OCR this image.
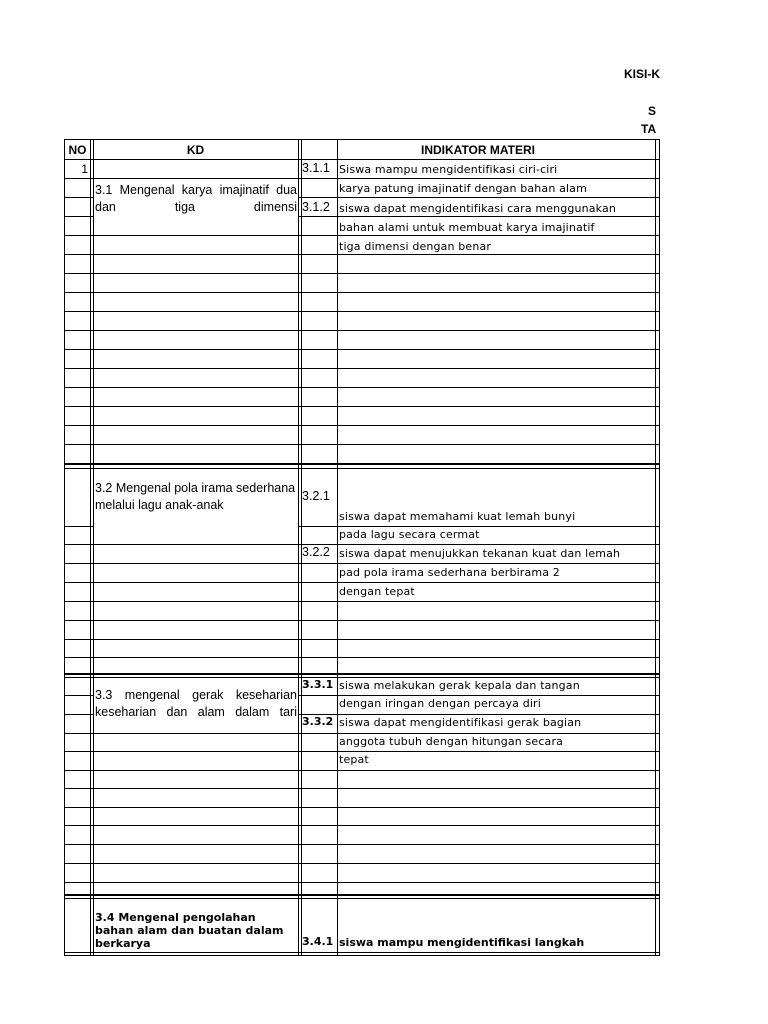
KISI-K
S
TA
NO	KD	INDIKATOR MATERI
1
3.1 Mengenal karya imajinatif dua dan tiga dimensi
3.2 Mengenal pola irama sederhana melalui lagu anak-anak
3.3 mengenal gerak keseharian keseharian dan alam dalam tari
3.4 Mengenal pengolahan bahan alam dan buatan dalam berkarya
3.1.1 Siswa mampu mengidentifikasi ciri-ciri
karya patung imajinatif dengan bahan alam
3.1.2 siswa dapat mengidentifikasi cara menggunakan
bahan alami untuk membuat karya imajinatif
tiga dimensi dengan benar
3.2.1
siswa dapat memahami kuat lemah bunyi
pada lagu secara cermat
3.2.2 siswa dapat menujukkan tekanan kuat dan lemah
pad pola irama sederhana berbirama 2
dengan tepat
3.3.1 siswa melakukan gerak kepala dan tangan
dengan iringan dengan percaya diri
3.3.2 siswa dapat mengidentifikasi gerak bagian
anggota tubuh dengan hitungan secara
tepat
3.4.1 siswa mampu mengidentifikasi langkah
